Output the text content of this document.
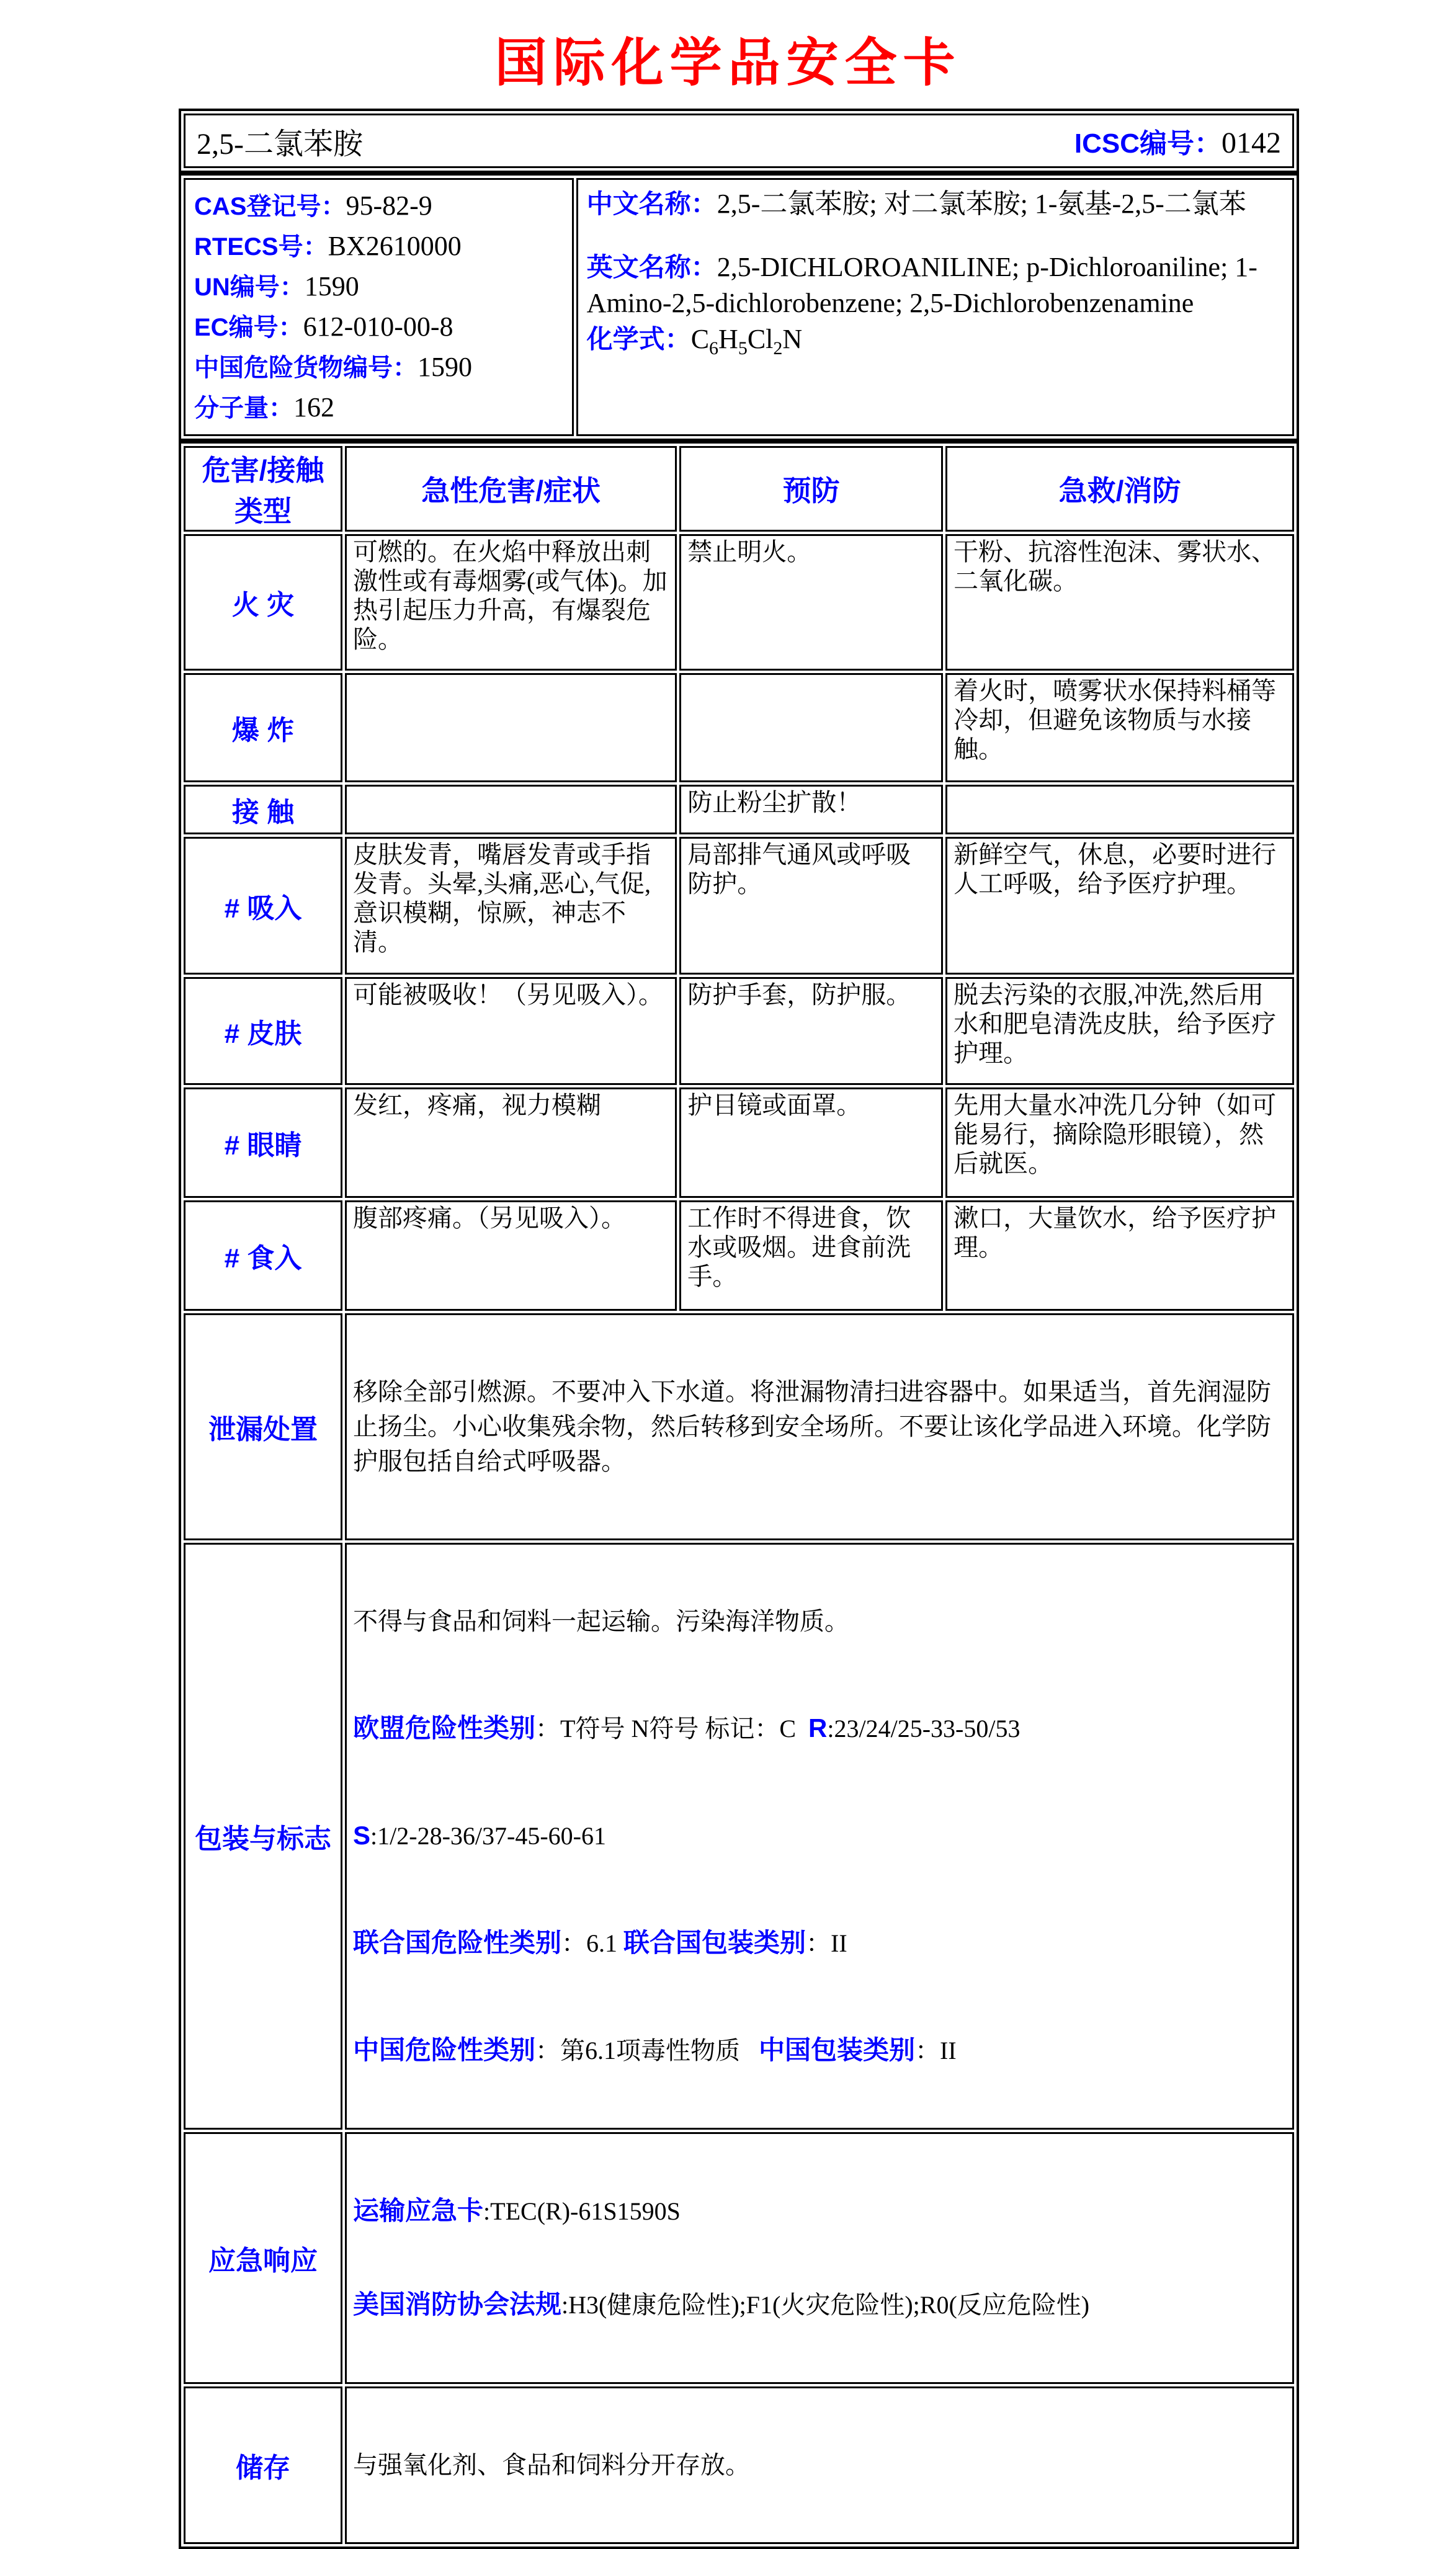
国际化学品安全卡
2,5-二氯苯胺	ICSC编号：0142
CAS登记号：95-82-9
RTECS号：BX2610000
UN编号：1590
EC编号：612-010-00-8
中国危险货物编号：1590
分子量：162

中文名称：2,5-二氯苯胺; 对二氯苯胺; 1-氨基-2,5-二氯苯
英文名称：2,5-DICHLOROANILINE; p-Dichloroaniline; 1-Amino-2,5-dichlorobenzene; 2,5-Dichlorobenzenamine
化学式：$C_6H_5Cl_2N$
危害/接触 类型	急性危害/症状	预防	急救/消防
火 灾	可燃的。在火焰中释放出刺激性或有毒烟雾(或气体)。加热引起压力升高，有爆裂危险。	禁止明火。	干粉、抗溶性泡沫、雾状水、二氧化碳。
爆 炸			着火时，喷雾状水保持料桶等冷却，但避免该物质与水接触。
接 触		防止粉尘扩散！	
# 吸入	皮肤发青，嘴唇发青或手指发青。头晕,头痛,恶心,气促,意识模糊，惊厥，神志不清。	局部排气通风或呼吸防护。	新鲜空气，休息，必要时进行人工呼吸，给予医疗护理。
# 皮肤	可能被吸收！（另见吸入）。	防护手套，防护服。	脱去污染的衣服,冲洗,然后用水和肥皂清洗皮肤，给予医疗护理。
# 眼睛	发红，疼痛，视力模糊	护目镜或面罩。	先用大量水冲洗几分钟（如可能易行，摘除隐形眼镜），然后就医。
# 食入	腹部疼痛。（另见吸入）。	工作时不得进食，饮水或吸烟。进食前洗手。	漱口，大量饮水，给予医疗护理。
泄漏处置	移除全部引燃源。不要冲入下水道。将泄漏物清扫进容器中。如果适当，首先润湿防止扬尘。小心收集残余物，然后转移到安全场所。不要让该化学品进入环境。化学防护服包括自给式呼吸器。		

包装与标志	不得与食品和饲料一起运输。污染海洋物质。

欧盟危险性类别：T符号 N符号 标记：C  R:23/24/25-33-50/53

S:1/2-28-36/37-45-60-61

联合国危险性类别：6.1 联合国包装类别：II

中国危险性类别：第6.1项毒性物质   中国包装类别：II		

应急响应	运输应急卡:TEC(R)-61S1590S

美国消防协会法规:H3(健康危险性);F1(火灾危险性);R0(反应危险性)		

储存	与强氧化剂、食品和饲料分开存放。		
